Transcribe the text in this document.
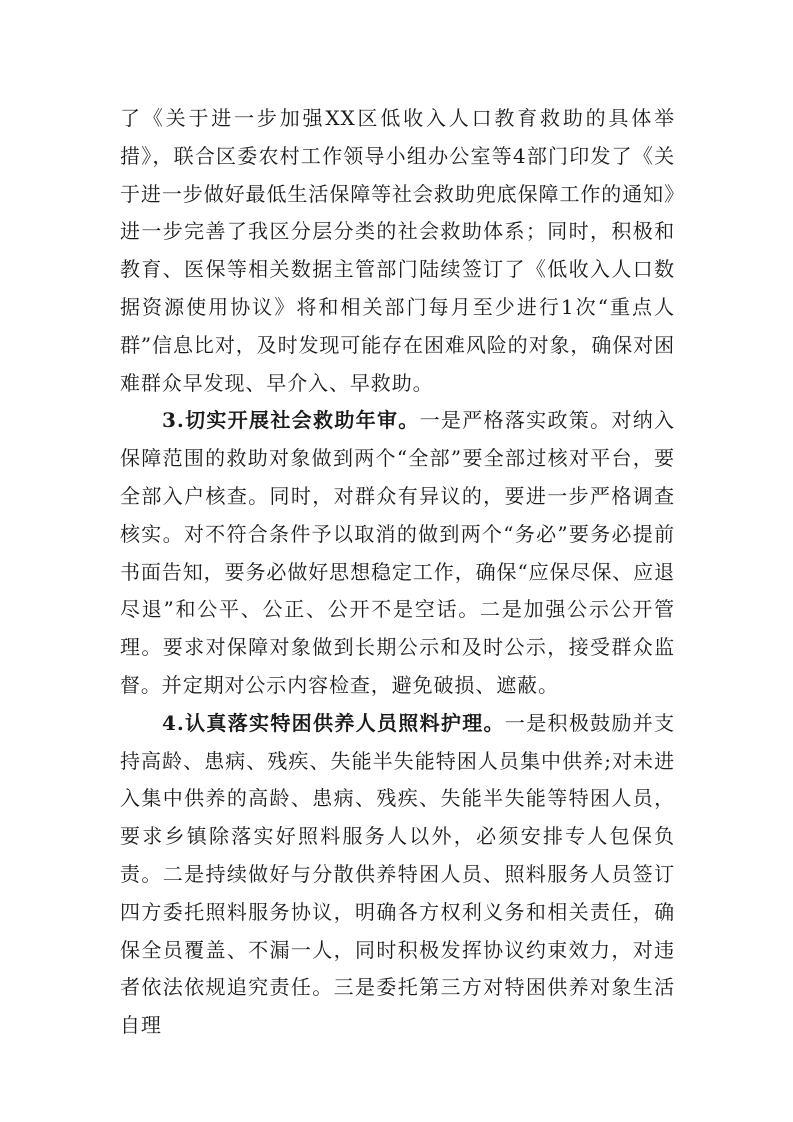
了《关于进一步加强XX区低收入人口教育救助的具体举措》，联合区委农村工作领导小组办公室等4部门印发了《关于进一步做好最低生活保障等社会救助兜底保障工作的通知》进一步完善了我区分层分类的社会救助体系；同时，积极和教育、医保等相关数据主管部门陆续签订了《低收入人口数据资源使用协议》将和相关部门每月至少进行1次“重点人群”信息比对，及时发现可能存在困难风险的对象，确保对困难群众早发现、早介入、早救助。

3.切实开展社会救助年审。一是严格落实政策。对纳入保障范围的救助对象做到两个“全部”要全部过核对平台，要全部入户核查。同时，对群众有异议的，要进一步严格调查核实。对不符合条件予以取消的做到两个“务必”要务必提前书面告知，要务必做好思想稳定工作，确保“应保尽保、应退尽退”和公平、公正、公开不是空话。二是加强公示公开管理。要求对保障对象做到长期公示和及时公示，接受群众监督。并定期对公示内容检查，避免破损、遮蔽。

4.认真落实特困供养人员照料护理。一是积极鼓励并支持高龄、患病、残疾、失能半失能特困人员集中供养;对未进入集中供养的高龄、患病、残疾、失能半失能等特困人员，要求乡镇除落实好照料服务人以外，必须安排专人包保负责。二是持续做好与分散供养特困人员、照料服务人员签订四方委托照料服务协议，明确各方权利义务和相关责任，确保全员覆盖、不漏一人，同时积极发挥协议约束效力，对违者依法依规追究责任。三是委托第三方对特困供养对象生活自理
